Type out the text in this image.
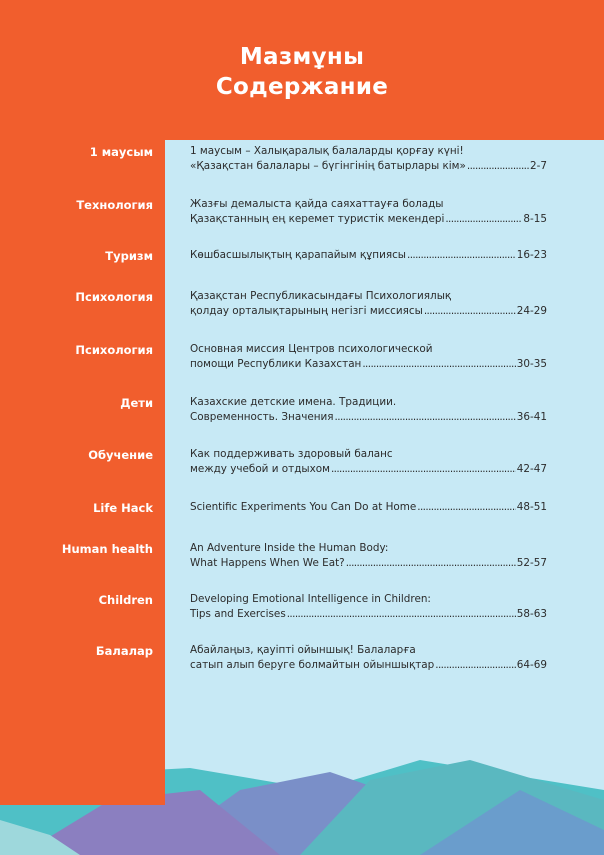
Мазмұны
Содержание
1 маусым	1 маусым – Халықаралық балаларды қорғау күні!
«Қазақстан балалары – бүгінгінің батырлары кім» .....	2-7
Технология	Жазғы демалыста қайда саяхаттауға болады
Қазақстанның ең керемет туристік мекендері .....	8-15
Туризм	Көшбасшылықтың қарапайым құпиясы .....	16-23
Психология	Қазақстан Республикасындағы Психологиялық
қолдау орталықтарының негізгі миссиясы .....	24-29
Психология	Основная миссия Центров психологической
помощи Республики Казахстан .....	30-35
Дети	Казахские детские имена. Традиции.
Современность. Значения .....	36-41
Обучение	Как поддерживать здоровый баланс
между учебой и отдыхом .....	42-47
Life Hack	Scientific Experiments You Can Do at Home .....	48-51
Human health	An Adventure Inside the Human Body:
What Happens When We Eat? .....	52-57
Children	Developing Emotional Intelligence in Children:
Tips and Exercises .....	58-63
Балалар	Абайлаңыз, қауіпті ойыншық! Балаларға
сатып алып беруге болмайтын ойыншықтар .....	64-69
